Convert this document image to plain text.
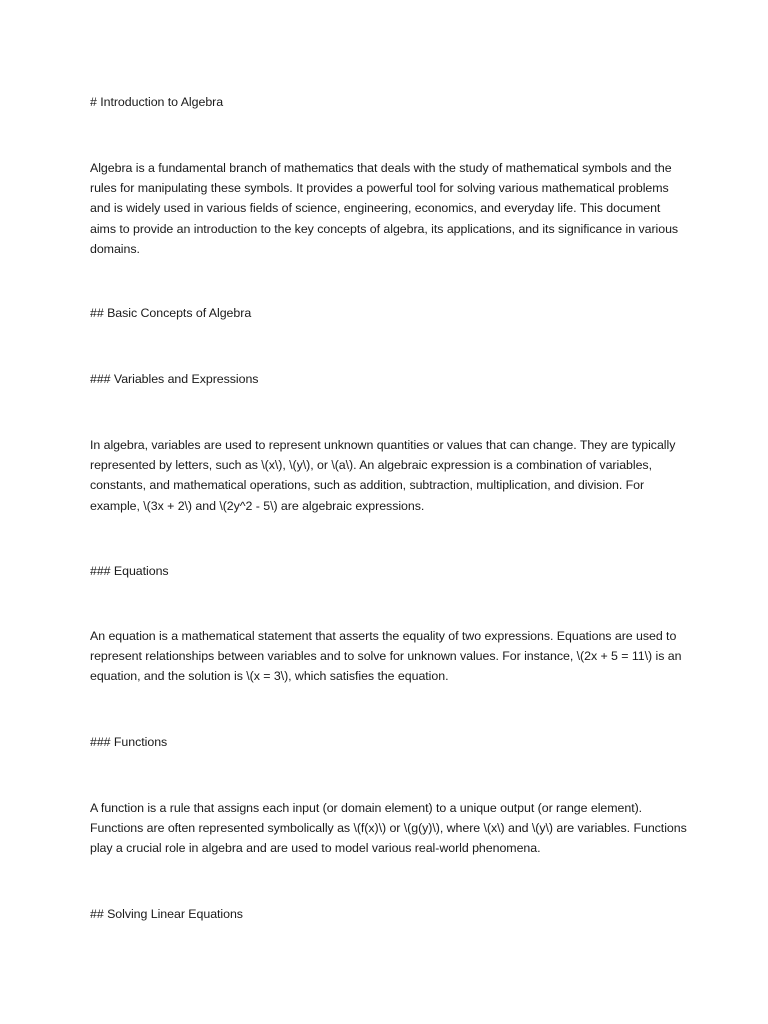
# Introduction to Algebra

Algebra is a fundamental branch of mathematics that deals with the study of mathematical symbols and the rules for manipulating these symbols. It provides a powerful tool for solving various mathematical problems and is widely used in various fields of science, engineering, economics, and everyday life. This document aims to provide an introduction to the key concepts of algebra, its applications, and its significance in various domains.

## Basic Concepts of Algebra

### Variables and Expressions

In algebra, variables are used to represent unknown quantities or values that can change. They are typically represented by letters, such as \(x\), \(y\), or \(a\). An algebraic expression is a combination of variables, constants, and mathematical operations, such as addition, subtraction, multiplication, and division. For example, \(3x + 2\) and \(2y^2 - 5\) are algebraic expressions.

### Equations

An equation is a mathematical statement that asserts the equality of two expressions. Equations are used to represent relationships between variables and to solve for unknown values. For instance, \(2x + 5 = 11\) is an equation, and the solution is \(x = 3\), which satisfies the equation.

### Functions

A function is a rule that assigns each input (or domain element) to a unique output (or range element). Functions are often represented symbolically as \(f(x)\) or \(g(y)\), where \(x\) and \(y\) are variables. Functions play a crucial role in algebra and are used to model various real-world phenomena.

## Solving Linear Equations
